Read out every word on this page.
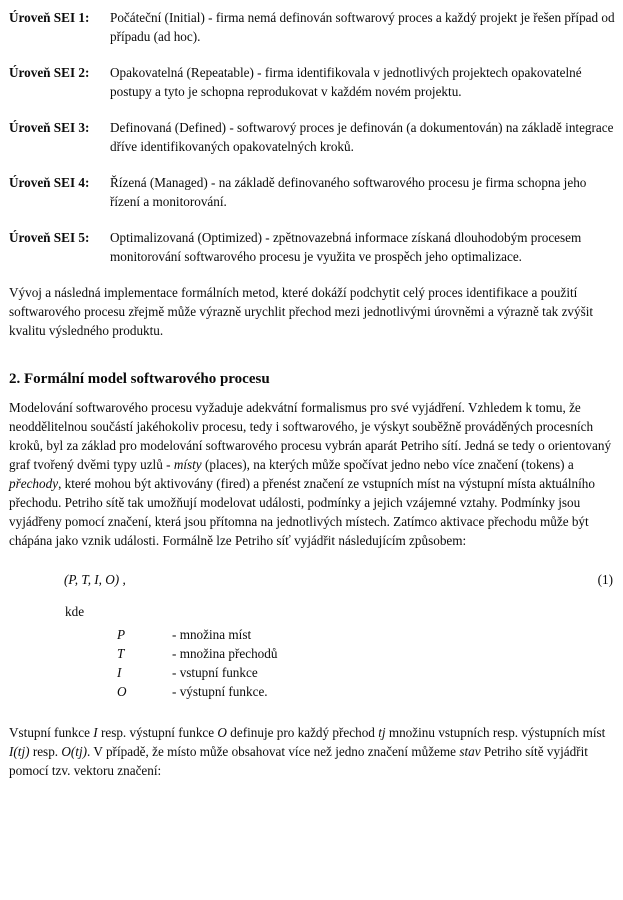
Úroveň SEI 1:	Počáteční (Initial) - firma nemá definován softwarový proces a každý projekt je řešen případ od případu (ad hoc).
Úroveň SEI 2:	Opakovatelná (Repeatable) - firma identifikovala v jednotlivých projektech opakovatelné postupy a tyto je schopna reprodukovat v každém novém projektu.
Úroveň SEI 3:	Definovaná (Defined) - softwarový proces je definován (a dokumentován) na základě integrace dříve identifikovaných opakovatelných kroků.
Úroveň SEI 4:	Řízená (Managed) - na základě definovaného softwarového procesu je firma schopna jeho řízení a monitorování.
Úroveň SEI 5:	Optimalizovaná (Optimized) - zpětnovazebná informace získaná dlouhodobým procesem monitorování softwarového procesu je využita ve prospěch jeho optimalizace.

Vývoj a následná implementace formálních metod, které dokáží podchytit celý proces identifikace a použití softwarového procesu zřejmě může výrazně urychlit přechod mezi jednotlivými úrovněmi a výrazně tak zvýšit kvalitu výsledného produktu.

2. Formální model softwarového procesu

Modelování softwarového procesu vyžaduje adekvátní formalismus pro své vyjádření. Vzhledem k tomu, že neoddělitelnou součástí jakéhokoliv procesu, tedy i softwarového, je výskyt souběžně prováděných procesních kroků, byl za základ pro modelování softwarového procesu vybrán aparát Petriho sítí. Jedná se tedy o orientovaný graf tvořený dvěmi typy uzlů - místy (places), na kterých může spočívat jedno nebo více značení (tokens) a přechody, které mohou být aktivovány (fired) a přenést značení ze vstupních míst na výstupní místa aktuálního přechodu. Petriho sítě tak umožňují modelovat události, podmínky a jejich vzájemné vztahy. Podmínky jsou vyjádřeny pomocí značení, která jsou přítomna na jednotlivých místech. Zatímco aktivace přechodu může být chápána jako vznik události. Formálně lze Petriho síť vyjádřit následujícím způsobem:

(P, T, I, O) ,	(1)
kde
P	- množina míst
T	- množina přechodů
I	- vstupní funkce
O	- výstupní funkce.

Vstupní funkce I resp. výstupní funkce O definuje pro každý přechod tj množinu vstupních resp. výstupních míst I(tj) resp. O(tj). V případě, že místo může obsahovat více než jedno značení můžeme stav Petriho sítě vyjádřit pomocí tzv. vektoru značení:
